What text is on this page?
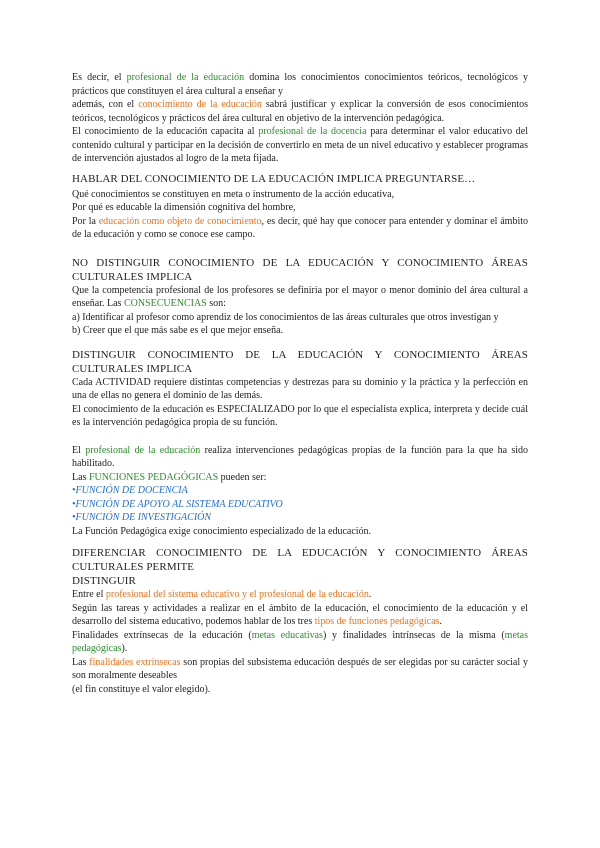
Es decir, el profesional de la educación domina los conocimientos conocimientos teóricos, tecnológicos y prácticos que constituyen el área cultural a enseñar y

además, con el conocimiento de la educación sabrá justificar y explicar la conversión de esos conocimientos teóricos, tecnológicos y prácticos del área cultural en objetivo de la intervención pedagógica.

El conocimiento de la educación capacita al profesional de la docencia para determinar el valor educativo del contenido cultural y participar en la decisión de convertirlo en meta de un nivel educativo y establecer programas de intervención ajustados al logro de la meta fijada.

HABLAR DEL CONOCIMIENTO DE LA EDUCACIÓN IMPLICA PREGUNTARSE…

Qué conocimientos se constituyen en meta o instrumento de la acción educativa,

Por qué es educable la dimensión cognitiva del hombre,

Por la educación como objeto de conocimiento, es decir, qué hay que conocer para entender y dominar el ámbito de la educación y como se conoce ese campo.

NO DISTINGUIR CONOCIMIENTO DE LA EDUCACIÓN Y CONOCIMIENTO ÁREAS CULTURALES IMPLICA

Que la competencia profesional de los profesores se definiría por el mayor o menor dominio del área cultural a enseñar. Las CONSECUENCIAS son:

a) Identificar al profesor como aprendiz de los conocimientos de las áreas culturales que otros investigan y

b) Creer que el que más sabe es el que mejor enseña.

DISTINGUIR CONOCIMIENTO DE LA EDUCACIÓN Y CONOCIMIENTO ÁREAS CULTURALES IMPLICA

Cada ACTIVIDAD requiere distintas competencias y destrezas para su dominio y la práctica y la perfección en una de ellas no genera el dominio de las demás.

El conocimiento de la educación es ESPECIALIZADO por lo que el especialista explica, interpreta y decide cuál es la intervención pedagógica propia de su función.

El profesional de la educación realiza intervenciones pedagógicas propias de la función para la que ha sido habilitado.

Las FUNCIONES PEDAGÓGICAS pueden ser:

•FUNCIÓN DE DOCENCIA

•FUNCIÓN DE APOYO AL SISTEMA EDUCATIVO

•FUNCIÓN DE INVESTIGACIÓN

La Función Pedagógica exige conocimiento especializado de la educación.

DIFERENCIAR CONOCIMIENTO DE LA EDUCACIÓN Y CONOCIMIENTO ÁREAS CULTURALES PERMITE

DISTINGUIR

Entre el profesional del sistema educativo y el profesional de la educación.

Según las tareas y actividades a realizar en el ámbito de la educación, el conocimiento de la educación y el desarrollo del sistema educativo, podemos hablar de los tres tipos de funciones pedagógicas.

Finalidades extrínsecas de la educación (metas educativas) y finalidades intrínsecas de la misma (metas pedagógicas).

Las finalidades extrínsecas son propias del subsistema educación después de ser elegidas por su carácter social y son moralmente deseables

(el fin constituye el valor elegido).
